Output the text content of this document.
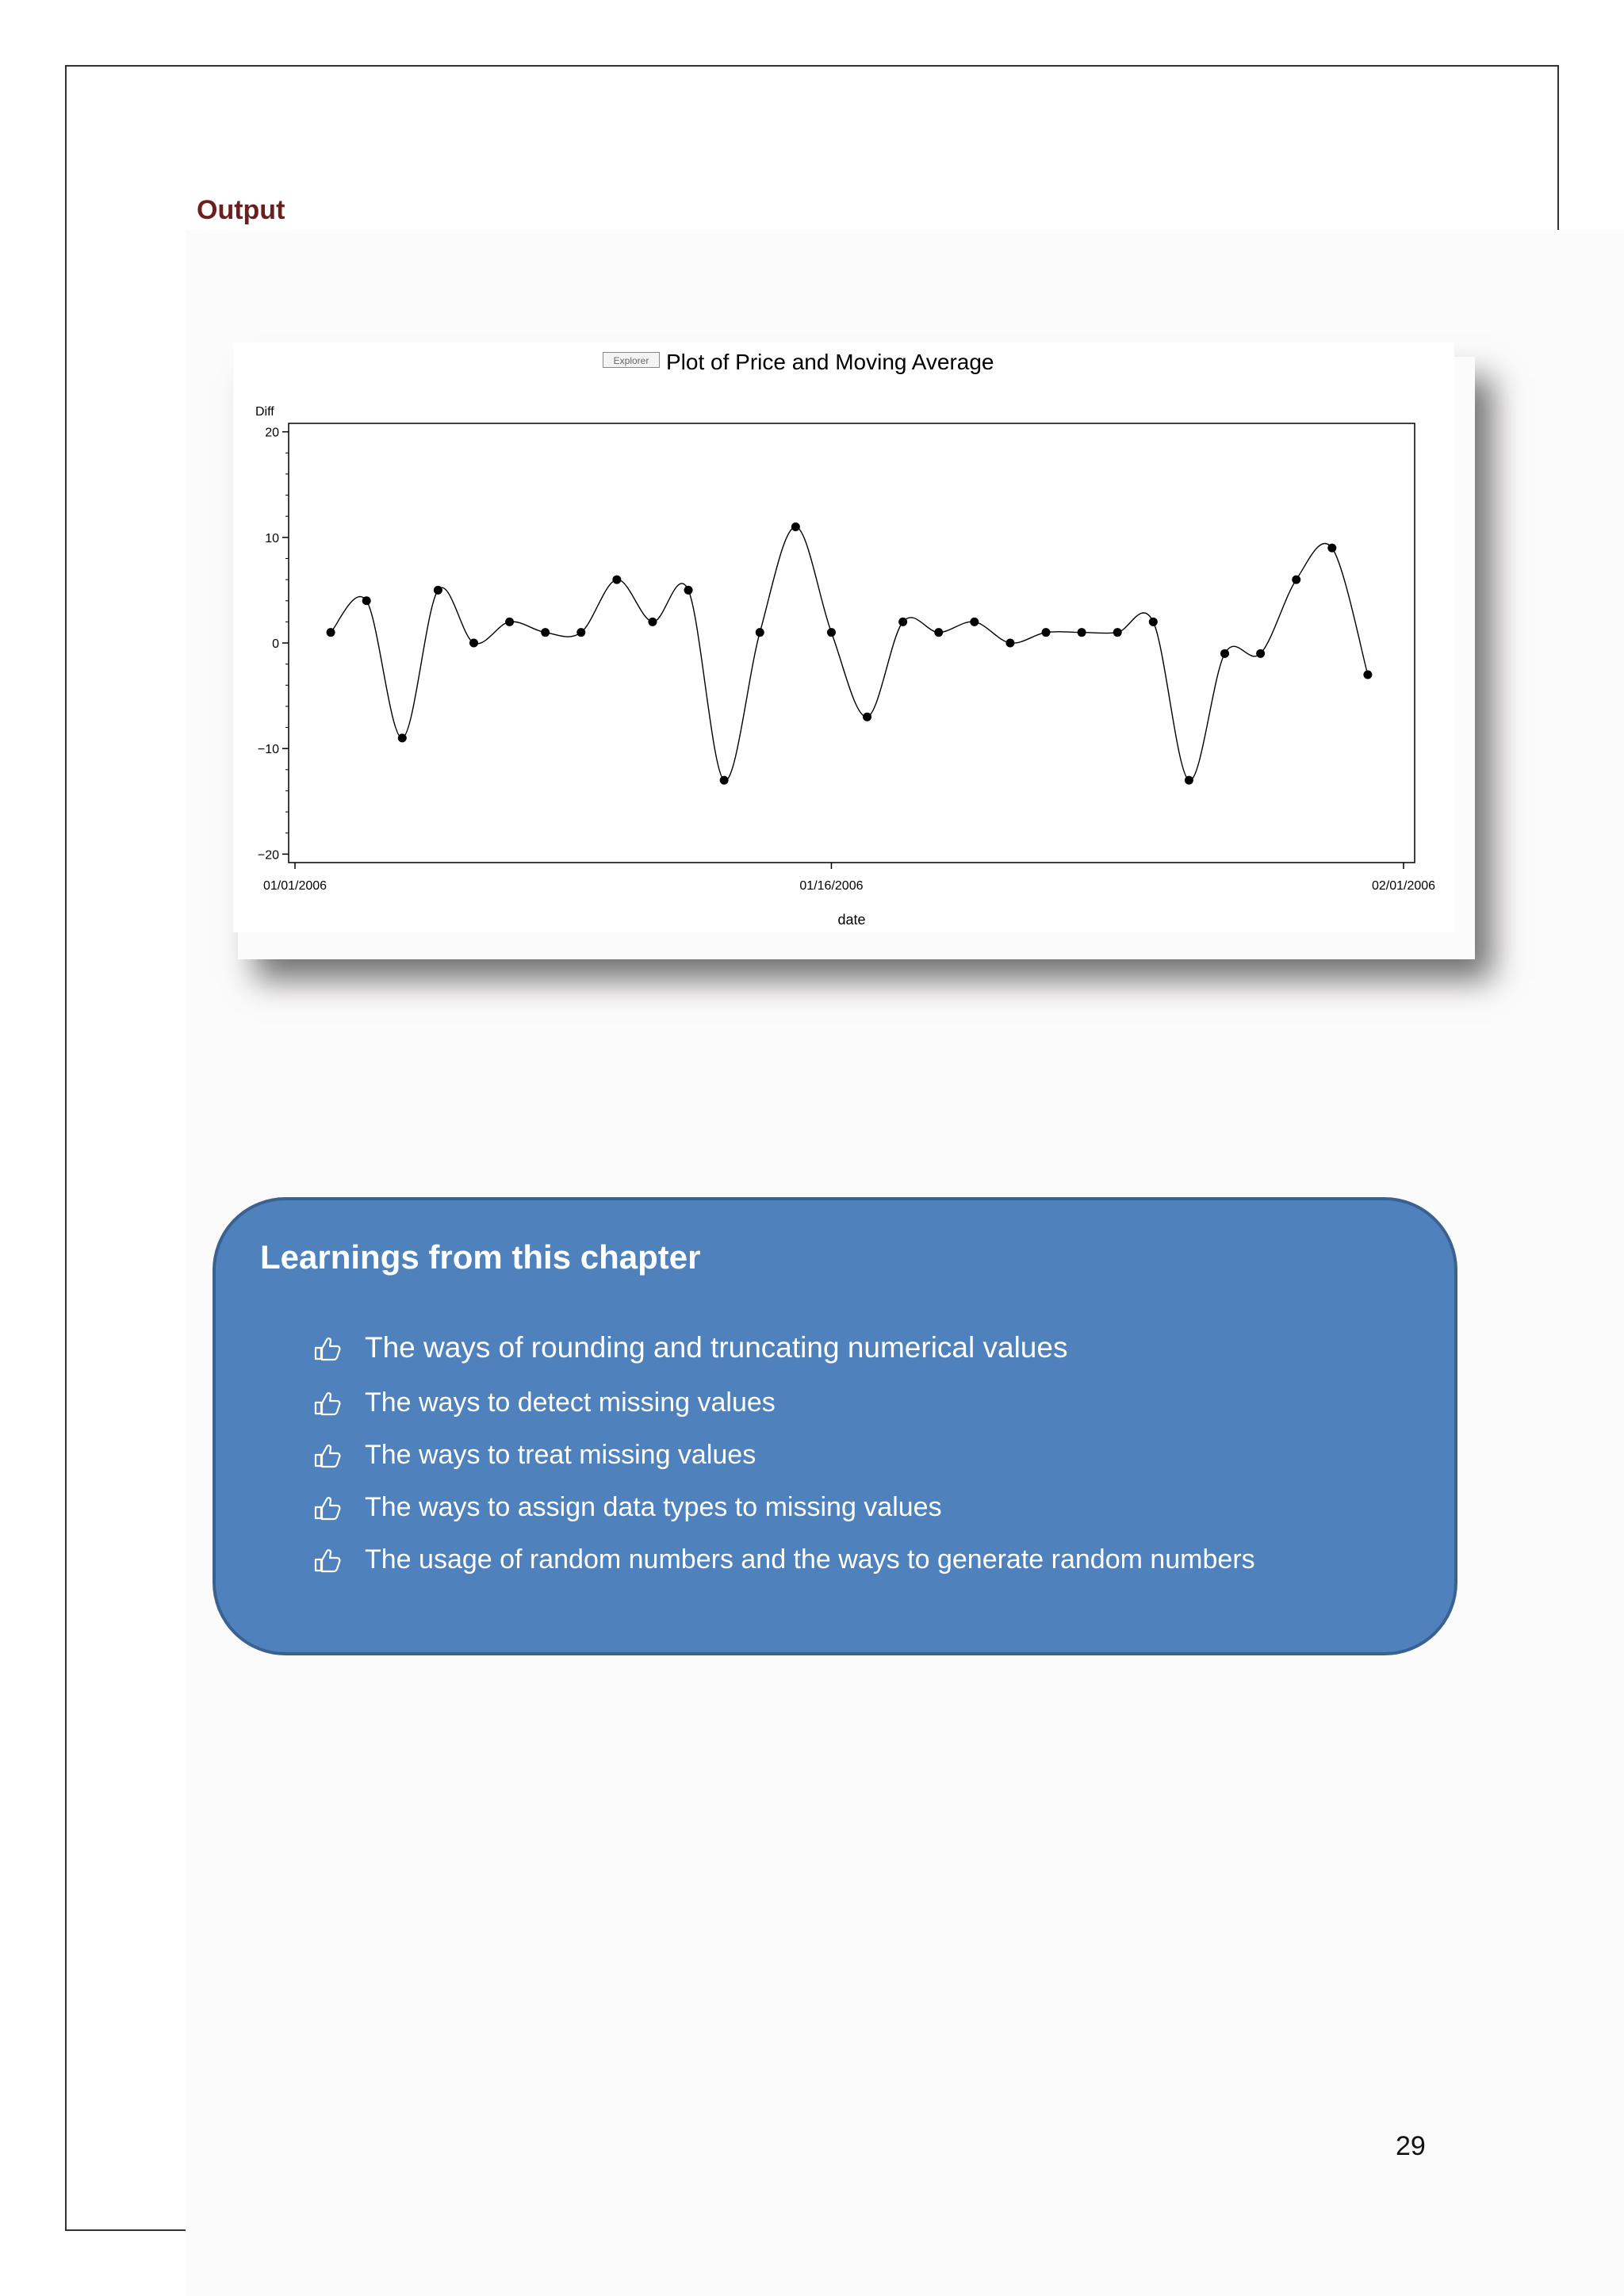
Output
Plot of Price and Moving Average
Diff
date
20
10
0
−10
−20
01/01/2006	01/16/2006	02/01/2006
Explorer
Learnings from this chapter
The ways of rounding and truncating numerical values
The ways to detect missing values
The ways to treat missing values
The ways to assign data types to missing values
The usage of random numbers and the ways to generate random numbers
29
